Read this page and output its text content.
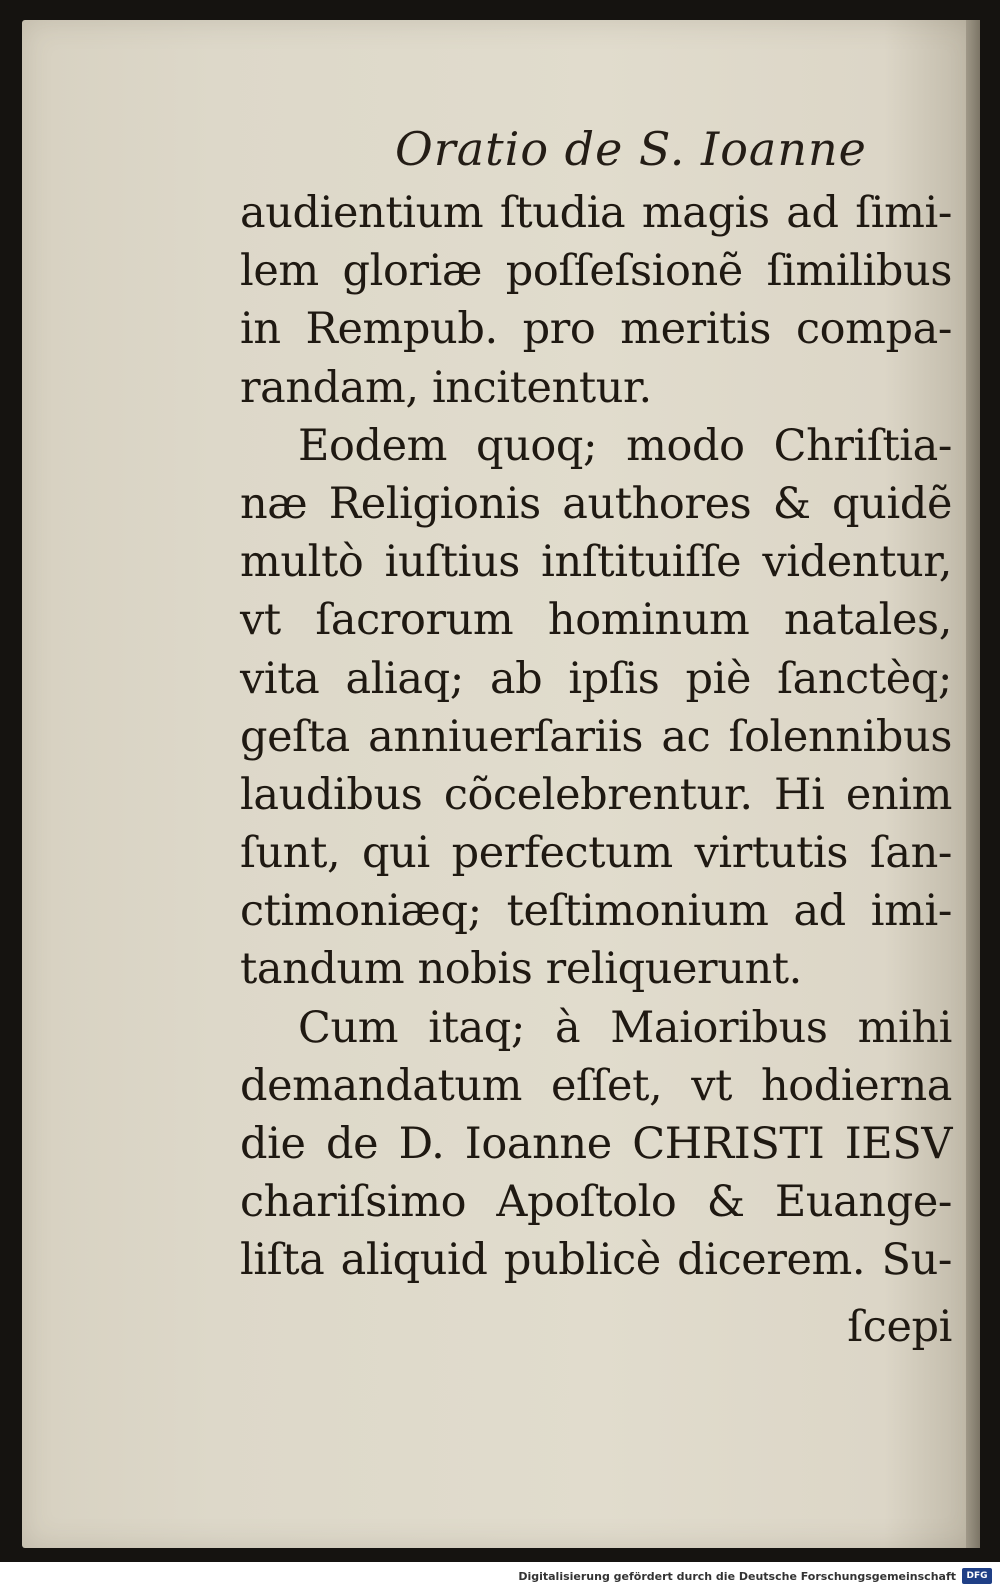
Oratio de S. Ioanne
audientium ſtudia magis ad ſimi-
lem gloriæ poſſeſsionẽ ſimilibus
in Rempub. pro meritis compa-
randam, incitentur.
Eodem quoq; modo Chriſtia-
næ Religionis authores & quidẽ
multò iuſtius inſtituiſſe videntur,
vt ſacrorum hominum natales,
vita aliaq; ab ipſis piè ſanctèq;
geſta anniuerſariis ac ſolennibus
laudibus cõcelebrentur. Hi enim
ſunt, qui perfectum virtutis ſan-
ctimoniæq; teſtimonium ad imi-
tandum nobis reliquerunt.
Cum itaq; à Maioribus mihi
demandatum eſſet, vt hodierna
die de D. Ioanne CHRISTI IESV
chariſsimo Apoſtolo & Euange-
liſta aliquid publicè dicerem. Su-
ſcepi
Digitalisierung gefördert durch die Deutsche Forschungsgemeinschaft	DFG
